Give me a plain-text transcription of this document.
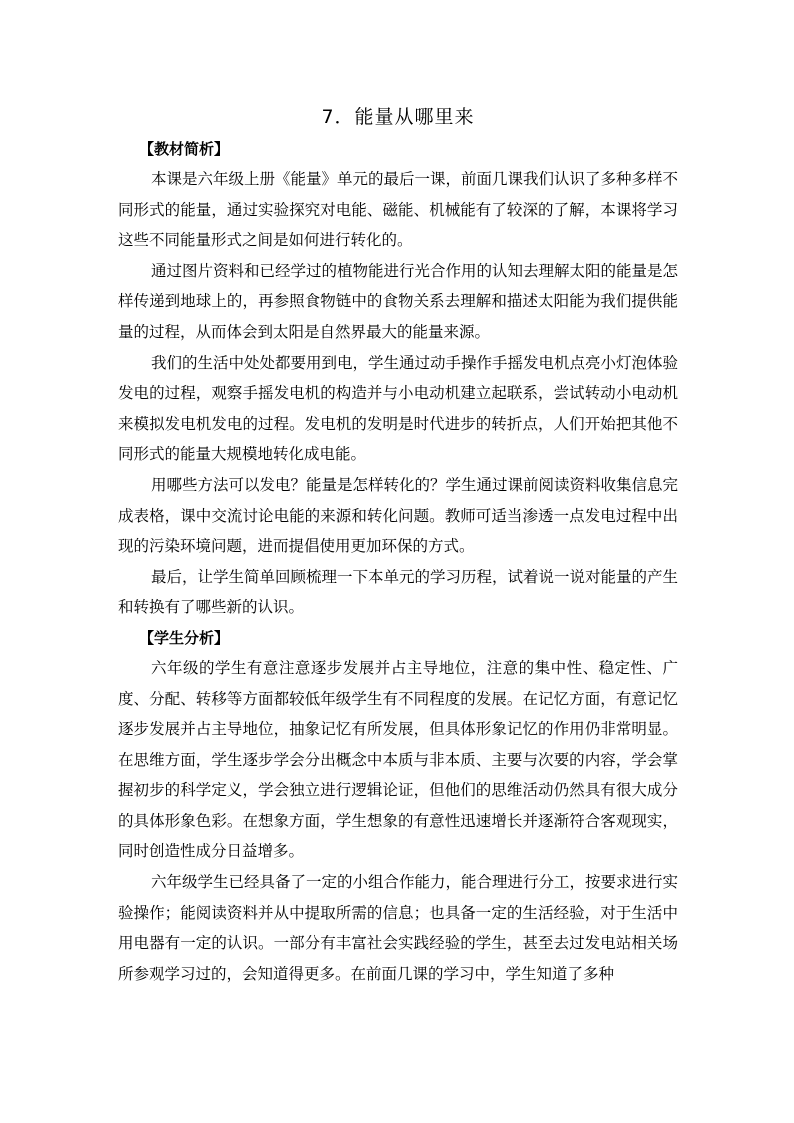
7．能量从哪里来

【教材简析】

本课是六年级上册《能量》单元的最后一课，前面几课我们认识了多种多样不同形式的能量，通过实验探究对电能、磁能、机械能有了较深的了解，本课将学习这些不同能量形式之间是如何进行转化的。

通过图片资料和已经学过的植物能进行光合作用的认知去理解太阳的能量是怎样传递到地球上的，再参照食物链中的食物关系去理解和描述太阳能为我们提供能量的过程，从而体会到太阳是自然界最大的能量来源。

我们的生活中处处都要用到电，学生通过动手操作手摇发电机点亮小灯泡体验发电的过程，观察手摇发电机的构造并与小电动机建立起联系，尝试转动小电动机来模拟发电机发电的过程。发电机的发明是时代进步的转折点，人们开始把其他不同形式的能量大规模地转化成电能。

用哪些方法可以发电？能量是怎样转化的？学生通过课前阅读资料收集信息完成表格，课中交流讨论电能的来源和转化问题。教师可适当渗透一点发电过程中出现的污染环境问题，进而提倡使用更加环保的方式。

最后，让学生简单回顾梳理一下本单元的学习历程，试着说一说对能量的产生和转换有了哪些新的认识。

【学生分析】

六年级的学生有意注意逐步发展并占主导地位，注意的集中性、稳定性、广度、分配、转移等方面都较低年级学生有不同程度的发展。在记忆方面，有意记忆逐步发展并占主导地位，抽象记忆有所发展，但具体形象记忆的作用仍非常明显。在思维方面，学生逐步学会分出概念中本质与非本质、主要与次要的内容，学会掌握初步的科学定义，学会独立进行逻辑论证，但他们的思维活动仍然具有很大成分的具体形象色彩。在想象方面，学生想象的有意性迅速增长并逐渐符合客观现实，同时创造性成分日益增多。

六年级学生已经具备了一定的小组合作能力，能合理进行分工，按要求进行实验操作；能阅读资料并从中提取所需的信息；也具备一定的生活经验，对于生活中用电器有一定的认识。一部分有丰富社会实践经验的学生，甚至去过发电站相关场所参观学习过的，会知道得更多。在前面几课的学习中，学生知道了多种
